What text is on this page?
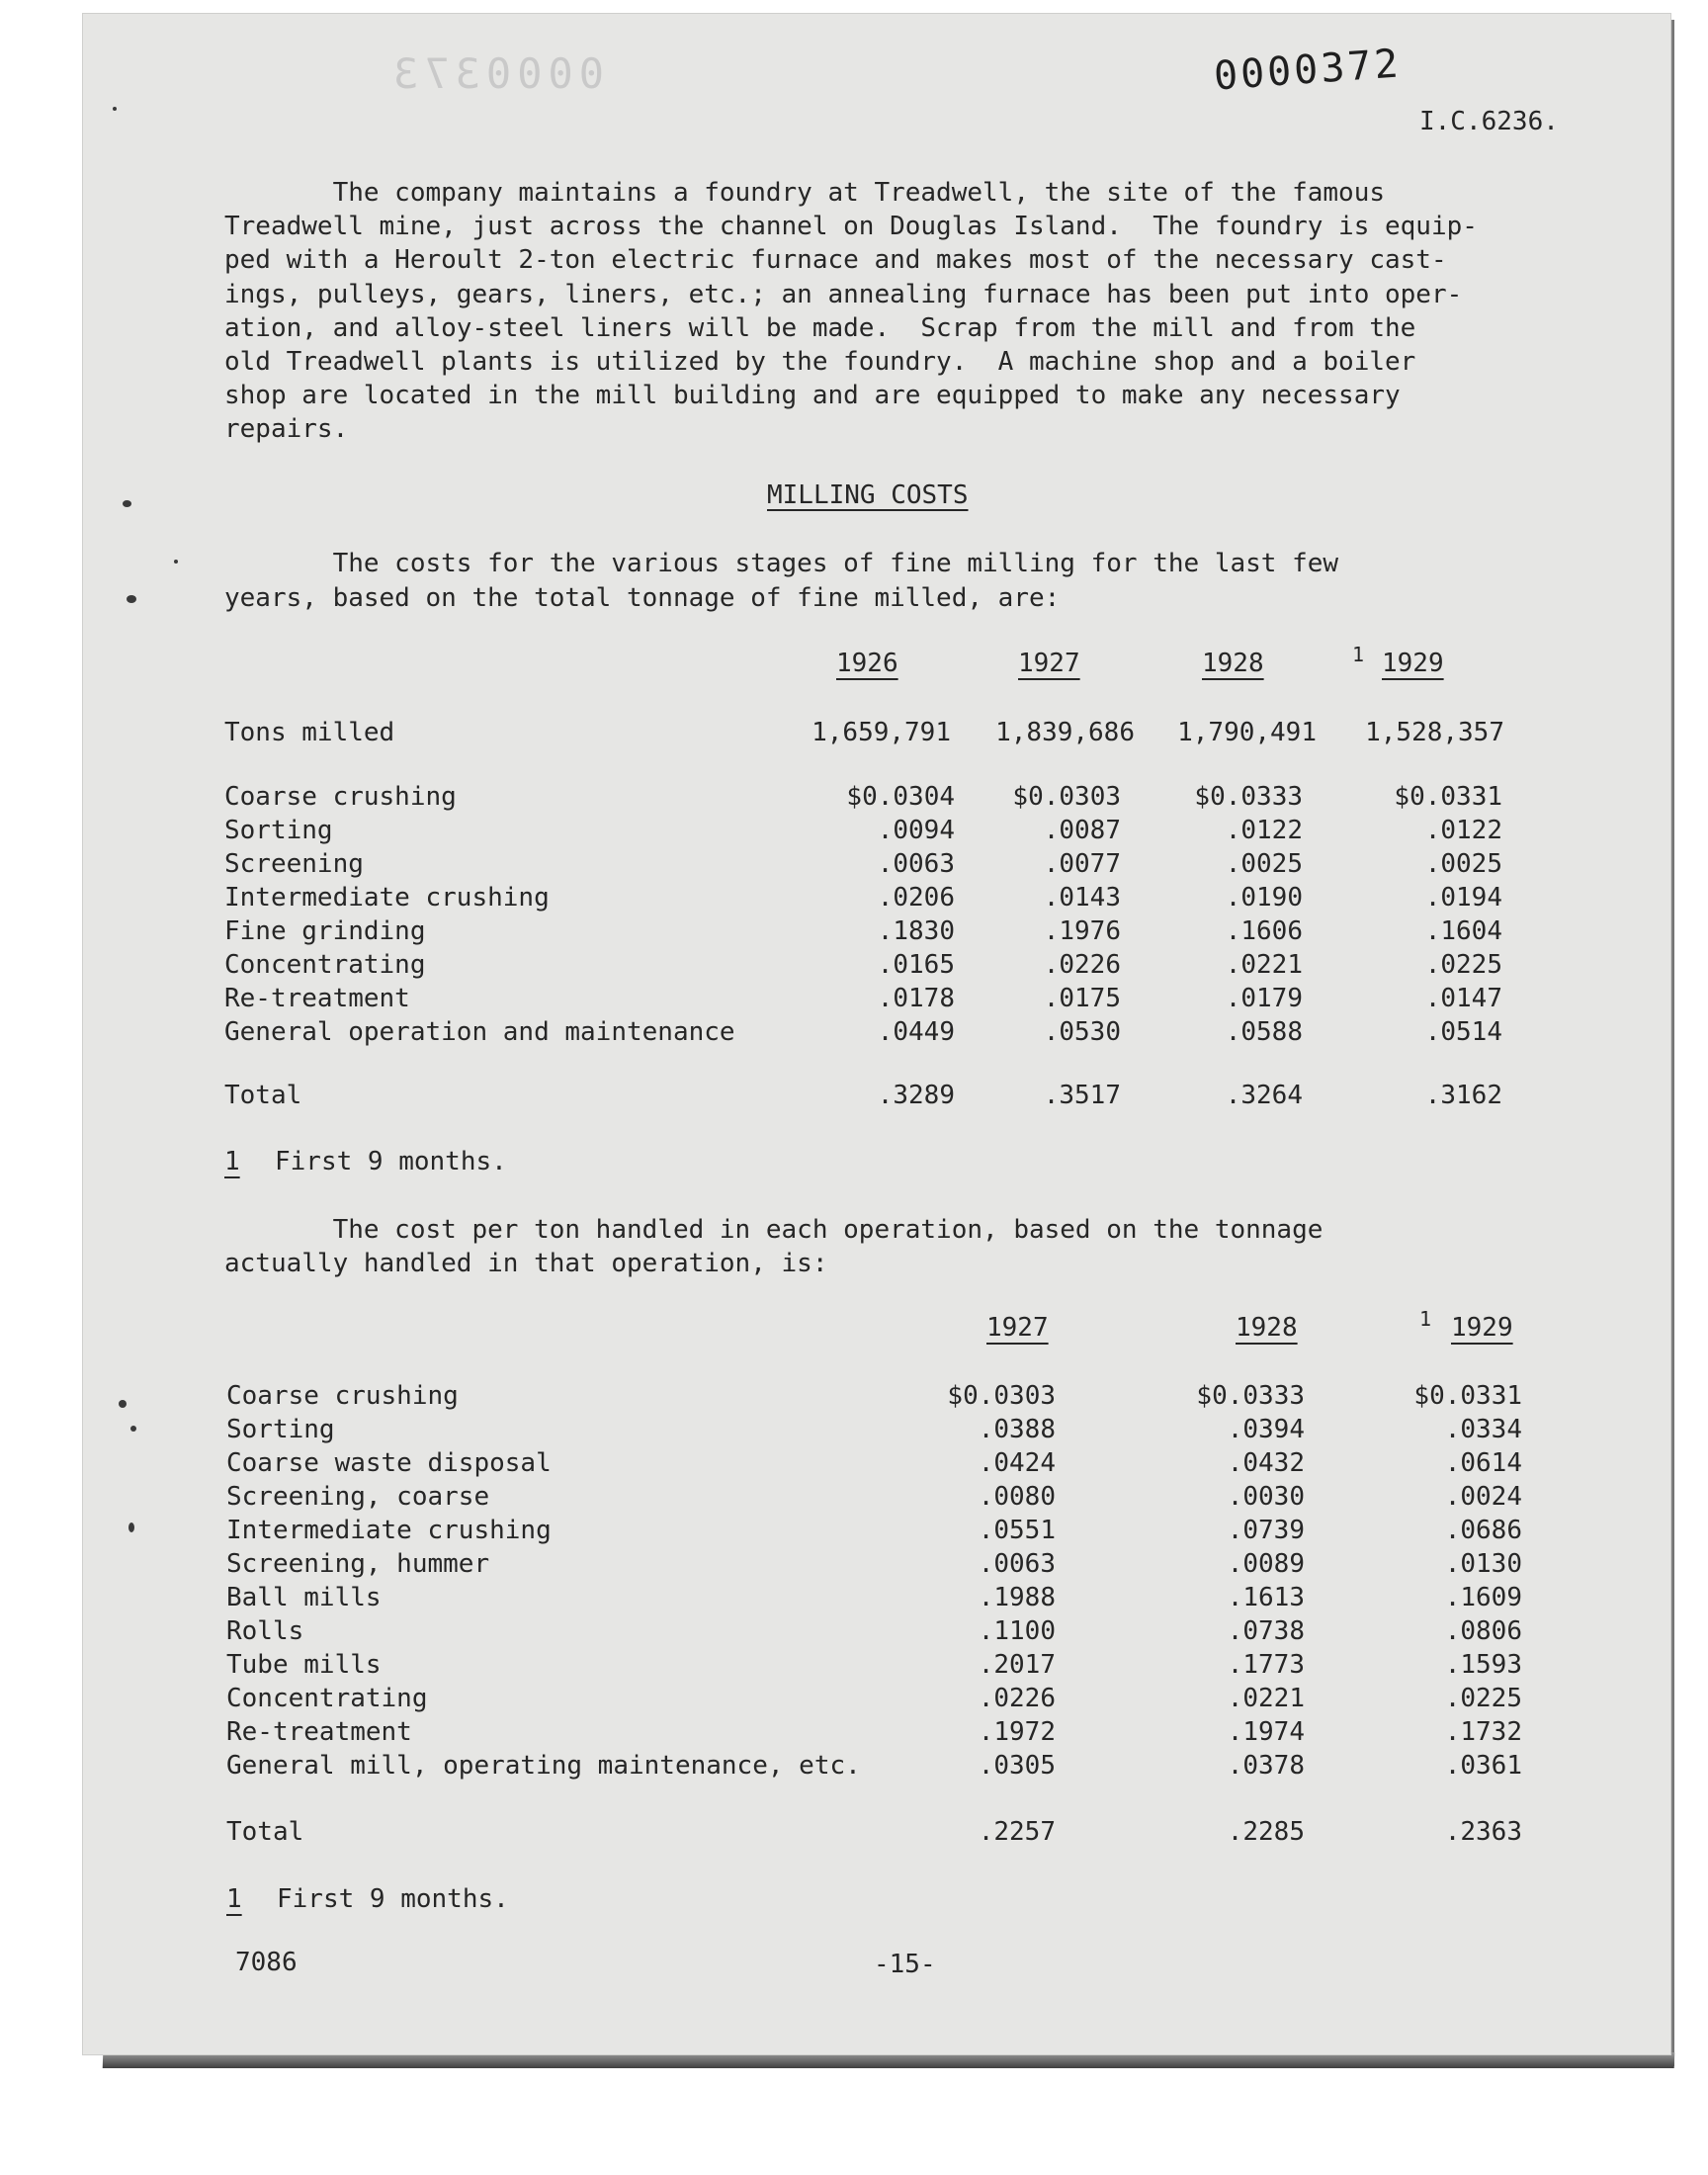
0000373	0000372
I.C.6236.
The company maintains a foundry at Treadwell, the site of the famous
Treadwell mine, just across the channel on Douglas Island.  The foundry is equip-
ped with a Heroult 2-ton electric furnace and makes most of the necessary cast-
ings, pulleys, gears, liners, etc.; an annealing furnace has been put into oper-
ation, and alloy-steel liners will be made.  Scrap from the mill and from the
old Treadwell plants is utilized by the foundry.  A machine shop and a boiler
shop are located in the mill building and are equipped to make any necessary
repairs.
MILLING COSTS
The costs for the various stages of fine milling for the last few
years, based on the total tonnage of fine milled, are:
1926	1927	1928	1 1929
Tons milled	1,659,791	1,839,686	1,790,491	1,528,357
Coarse crushing	$0.0304	$0.0303	$0.0333	$0.0331
Sorting	.0094	.0087	.0122	.0122
Screening	.0063	.0077	.0025	.0025
Intermediate crushing	.0206	.0143	.0190	.0194
Fine grinding	.1830	.1976	.1606	.1604
Concentrating	.0165	.0226	.0221	.0225
Re-treatment	.0178	.0175	.0179	.0147
General operation and maintenance	.0449	.0530	.0588	.0514
Total	.3289	.3517	.3264	.3162
1 First 9 months.
The cost per ton handled in each operation, based on the tonnage
actually handled in that operation, is:
1927	1928	1 1929
Coarse crushing	$0.0303	$0.0333	$0.0331
Sorting	.0388	.0394	.0334
Coarse waste disposal	.0424	.0432	.0614
Screening, coarse	.0080	.0030	.0024
Intermediate crushing	.0551	.0739	.0686
Screening, hummer	.0063	.0089	.0130
Ball mills	.1988	.1613	.1609
Rolls	.1100	.0738	.0806
Tube mills	.2017	.1773	.1593
Concentrating	.0226	.0221	.0225
Re-treatment	.1972	.1974	.1732
General mill, operating maintenance, etc.	.0305	.0378	.0361
Total	.2257	.2285	.2363
1 First 9 months.
7086	-15-
